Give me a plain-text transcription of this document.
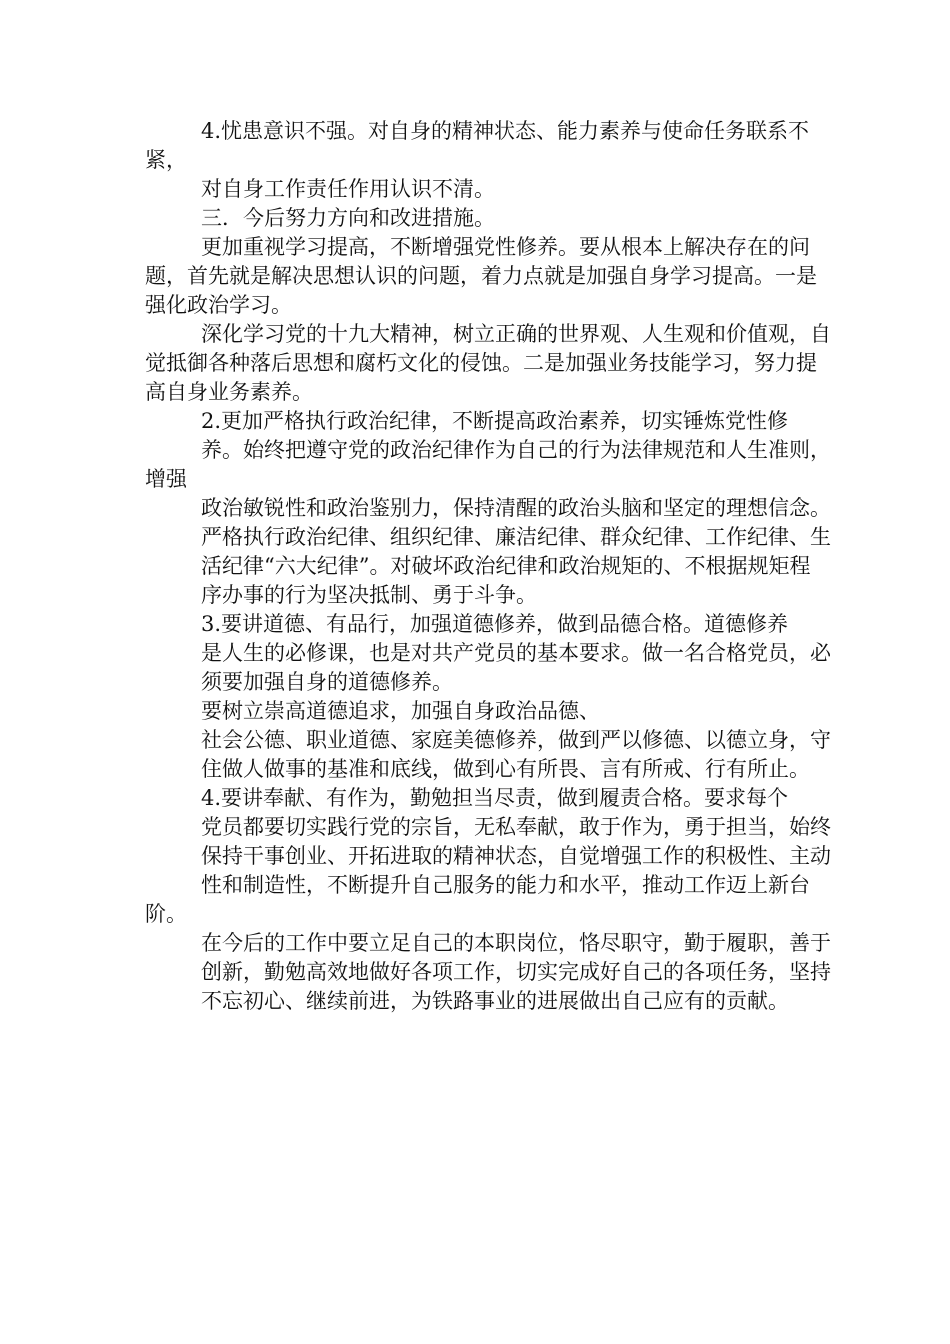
4.忧患意识不强。对自身的精神状态、能力素养与使命任务联系不紧，

对自身工作责任作用认识不清。

三．今后努力方向和改进措施。

更加重视学习提高，不断增强党性修养。要从根本上解决存在的问题，首先就是解决思想认识的问题，着力点就是加强自身学习提高。一是强化政治学习。

深化学习党的十九大精神，树立正确的世界观、人生观和价值观，自觉抵御各种落后思想和腐朽文化的侵蚀。二是加强业务技能学习，努力提高自身业务素养。

2.更加严格执行政治纪律，不断提高政治素养，切实锤炼党性修

养。始终把遵守党的政治纪律作为自己的行为法律规范和人生准则，增强

政治敏锐性和政治鉴别力，保持清醒的政治头脑和坚定的理想信念。

严格执行政治纪律、组织纪律、廉洁纪律、群众纪律、工作纪律、生

活纪律“六大纪律”。对破坏政治纪律和政治规矩的、不根据规矩程

序办事的行为坚决抵制、勇于斗争。

3.要讲道德、有品行，加强道德修养，做到品德合格。道德修养

是人生的必修课，也是对共产党员的基本要求。做一名合格党员，必

须要加强自身的道德修养。

要树立崇高道德追求，加强自身政治品德、

社会公德、职业道德、家庭美德修养，做到严以修德、以德立身，守

住做人做事的基准和底线，做到心有所畏、言有所戒、行有所止。

4.要讲奉献、有作为，勤勉担当尽责，做到履责合格。要求每个

党员都要切实践行党的宗旨，无私奉献，敢于作为，勇于担当，始终

保持干事创业、开拓进取的精神状态，自觉增强工作的积极性、主动

性和制造性，不断提升自己服务的能力和水平，推动工作迈上新台阶。

在今后的工作中要立足自己的本职岗位，恪尽职守，勤于履职，善于

创新，勤勉高效地做好各项工作，切实完成好自己的各项任务，坚持

不忘初心、继续前进，为铁路事业的进展做出自己应有的贡献。
